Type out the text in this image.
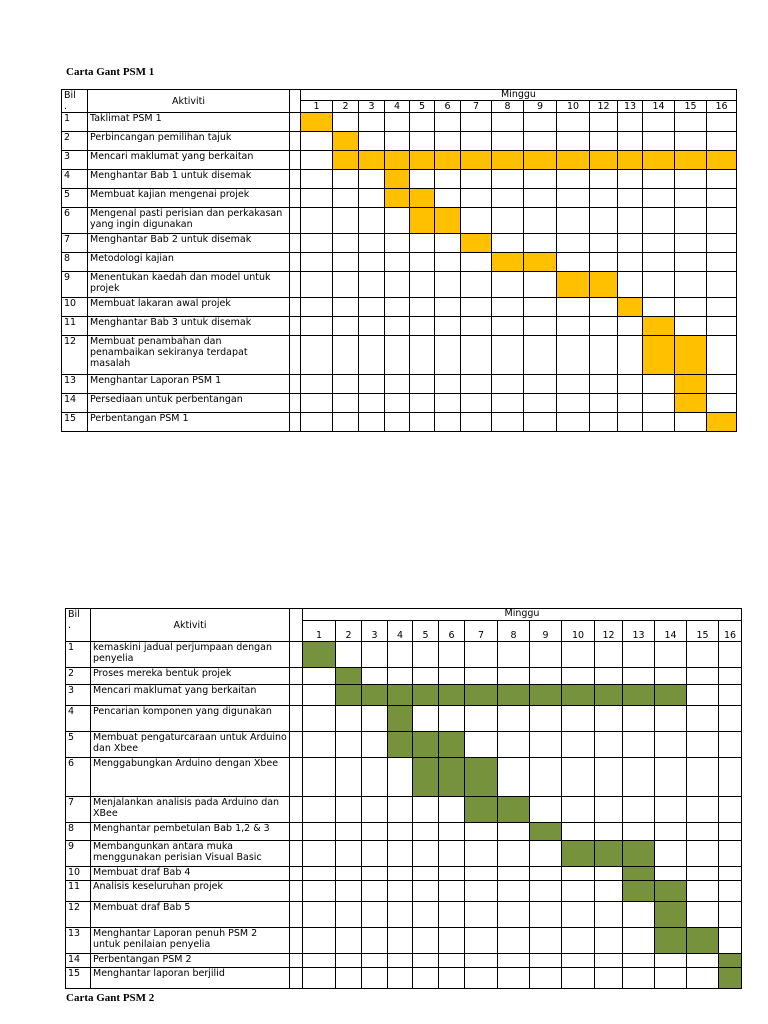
Carta Gant PSM 1
Bil
.	Aktiviti		Minggu														
			1	2	3	4	5	6	7	8	9	10	12	13	14	15	16
1	Taklimat PSM 1																
2	Perbincangan pemilihan tajuk																
3	Mencari maklumat yang berkaitan																
4	Menghantar Bab 1 untuk disemak																
5	Membuat kajian mengenai projek																
6	Mengenal pasti perisian dan perkakasan yang ingin digunakan																
7	Menghantar Bab 2 untuk disemak																
8	Metodologi kajian																
9	Menentukan kaedah dan model untuk projek																
10	Membuat lakaran awal projek																
11	Menghantar Bab 3 untuk disemak																
12	Membuat penambahan dan penambaikan sekiranya terdapat masalah																
13	Menghantar Laporan PSM 1																
14	Persediaan untuk perbentangan																
15	Perbentangan PSM 1																
Bil
.	Aktiviti		Minggu														
			1	2	3	4	5	6	7	8	9	10	12	13	14	15	16
1	kemaskini jadual perjumpaan dengan penyelia																
2	Proses mereka bentuk projek																
3	Mencari maklumat yang berkaitan																
4	Pencarian komponen yang digunakan																
5	Membuat pengaturcaraan untuk Arduino dan Xbee																
6	Menggabungkan Arduino dengan Xbee																
7	Menjalankan analisis pada Arduino dan XBee																
8	Menghantar pembetulan Bab 1,2 & 3																
9	Membangunkan antara muka menggunakan perisian Visual Basic																
10	Membuat draf Bab 4																
11	Analisis keseluruhan projek																
12	Membuat draf Bab 5																
13	Menghantar Laporan penuh PSM 2 untuk penilaian penyelia																
14	Perbentangan PSM 2																
15	Menghantar laporan berjilid																
Carta Gant PSM 2
